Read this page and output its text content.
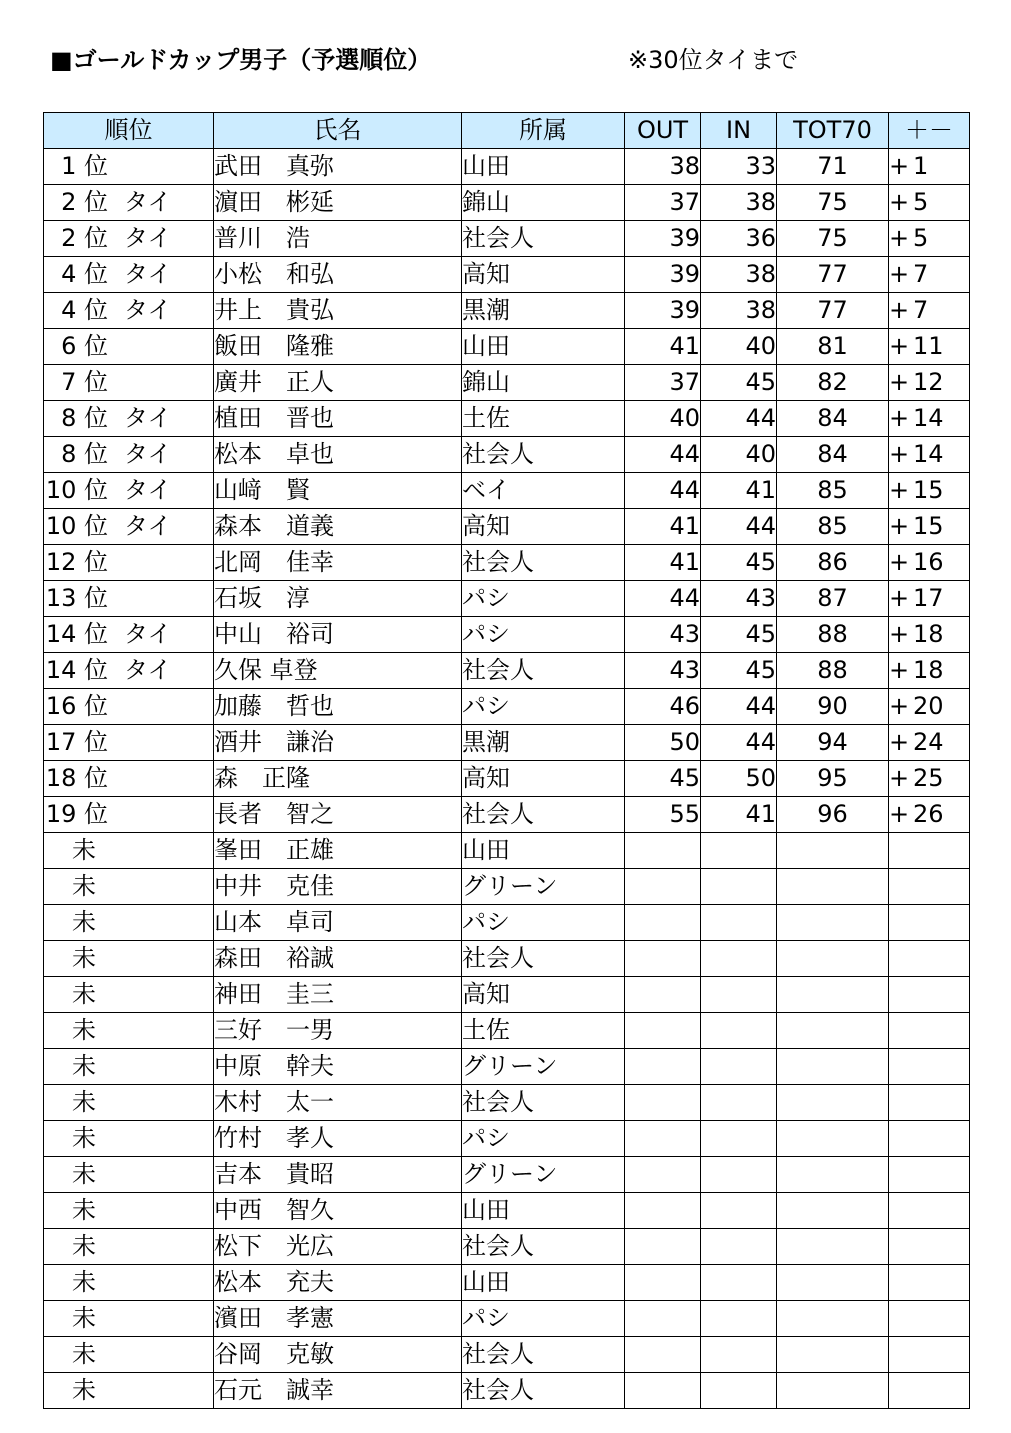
■ゴールドカップ男子（予選順位）	※30位タイまで
順位	氏名	所属	OUT	IN	TOT70	＋－
1 位	武田　真弥	山田	38	33	71	+ 1
2 位 タイ	濵田　彬延	錦山	37	38	75	+ 5
2 位 タイ	普川　浩	社会人	39	36	75	+ 5
4 位 タイ	小松　和弘	高知	39	38	77	+ 7
4 位 タイ	井上　貴弘	黒潮	39	38	77	+ 7
6 位	飯田　隆雅	山田	41	40	81	+ 11
7 位	廣井　正人	錦山	37	45	82	+ 12
8 位 タイ	植田　晋也	土佐	40	44	84	+ 14
8 位 タイ	松本　卓也	社会人	44	40	84	+ 14
10 位 タイ	山﨑　賢	ベイ	44	41	85	+ 15
10 位 タイ	森本　道義	高知	41	44	85	+ 15
12 位	北岡　佳幸	社会人	41	45	86	+ 16
13 位	石坂　淳	パシ	44	43	87	+ 17
14 位 タイ	中山　裕司	パシ	43	45	88	+ 18
14 位 タイ	久保 卓登	社会人	43	45	88	+ 18
16 位	加藤　哲也	パシ	46	44	90	+ 20
17 位	酒井　謙治	黒潮	50	44	94	+ 24
18 位	森　正隆	高知	45	50	95	+ 25
19 位	長者　智之	社会人	55	41	96	+ 26
未	峯田　正雄	山田				
未	中井　克佳	グリーン				
未	山本　卓司	パシ				
未	森田　裕誠	社会人				
未	神田　圭三	高知				
未	三好　一男	土佐				
未	中原　幹夫	グリーン				
未	木村　太一	社会人				
未	竹村　孝人	パシ				
未	吉本　貴昭	グリーン				
未	中西　智久	山田				
未	松下　光広	社会人				
未	松本　充夫	山田				
未	濱田　孝憲	パシ				
未	谷岡　克敏	社会人				
未	石元　誠幸	社会人				
